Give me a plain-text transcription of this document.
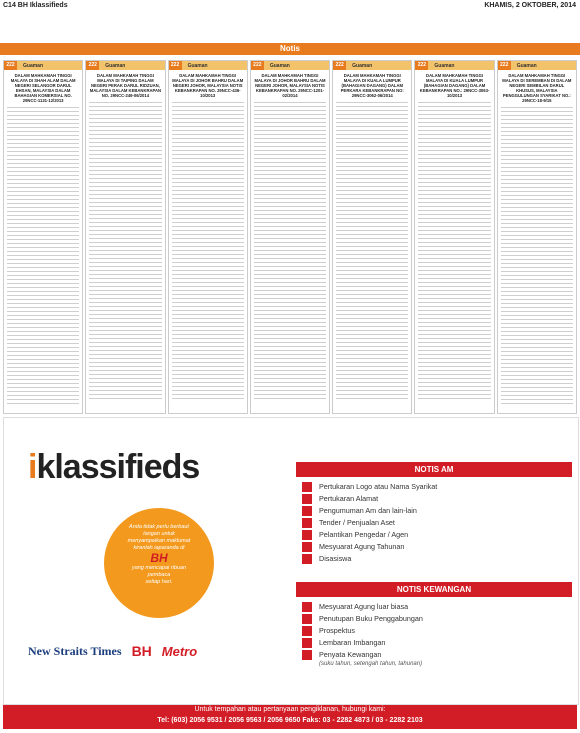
C14 BH Iklassifieds	KHAMIS, 2 OKTOBER, 2014
Notis
222	Guaman
DALAM MAHKAMAH TINGGI MALAYA DI SHAH ALAM DALAM NEGERI SELANGOR DARUL EHSAN, MALAYSIA DALAM BAHAGIAN KOMERSIAL NO. 29NCC-1131-12/2013
222	Guaman
DALAM MAHKAMAH TINGGI MALAYA DI TAIPING DALAM NEGERI PERAK DARUL RIDZUAN, MALAYSIA DALAM KEBANKRAPAN NO. 29NCC-249-06/2014
222	Guaman
DALAM MAHKAMAH TINGGI MALAYA DI JOHOR BAHRU DALAM NEGERI JOHOR, MALAYSIA NOTIS KEBANKRAPAN NO. 29NCC-436-10/2013
222	Guaman
DALAM MAHKAMAH TINGGI MALAYA DI JOHOR BAHRU DALAM NEGERI JOHOR, MALAYSIA NOTIS KEBANKRAPAN NO. 29NCC-1201-02/2014
222	Guaman
DALAM MAHKAMAH TINGGI MALAYA DI KUALA LUMPUR (BAHAGIAN DAGANG) DALAM PERKARA KEBANKRAPAN NO: 29NCC-3062-06/2014
222	Guaman
DALAM MAHKAMAH TINGGI MALAYA DI KUALA LUMPUR (BAHAGIAN DAGANG) DALAM KEBANKRAPAN NO.: 29NCC-3063-10/2013
222	Guaman
DALAM MAHKAMAH TINGGI MALAYA DI SEREMBAN DI DALAM NEGERI SEMBILAN DARUL KHUSUS, MALAYSIA PENGGULUNGAN SYARIKAT NO.: 29NCC-18-9/15
iklassifieds
Anda tidak perlu berbaut
Iangan untuk
menyampaikan maklumat
kiranlah iaparanda di
BH
yang mencapai ribuan
pembaca
setiap hari.
New Straits Times BH Metro
NOTIS AM
Pertukaran Logo atau Nama Syarikat
Pertukaran Alamat
Pengumuman Am dan lain-lain
Tender / Penjualan Aset
Pelantikan Pengedar / Agen
Mesyuarat Agung Tahunan
Disasiswa
NOTIS KEWANGAN
Mesyuarat Agung luar biasa
Penutupan Buku Penggabungan
Prospektus
Lembaran Imbangan
Penyata Kewangan
(suku tahun, setengah tahun, tahunan)
Untuk tempahan atau pertanyaan pengiklanan, hubungi kami:
Tel: (603) 2056 9531 / 2056 9563 / 2056 9650 Faks: 03 - 2282 4873 / 03 - 2282 2103
